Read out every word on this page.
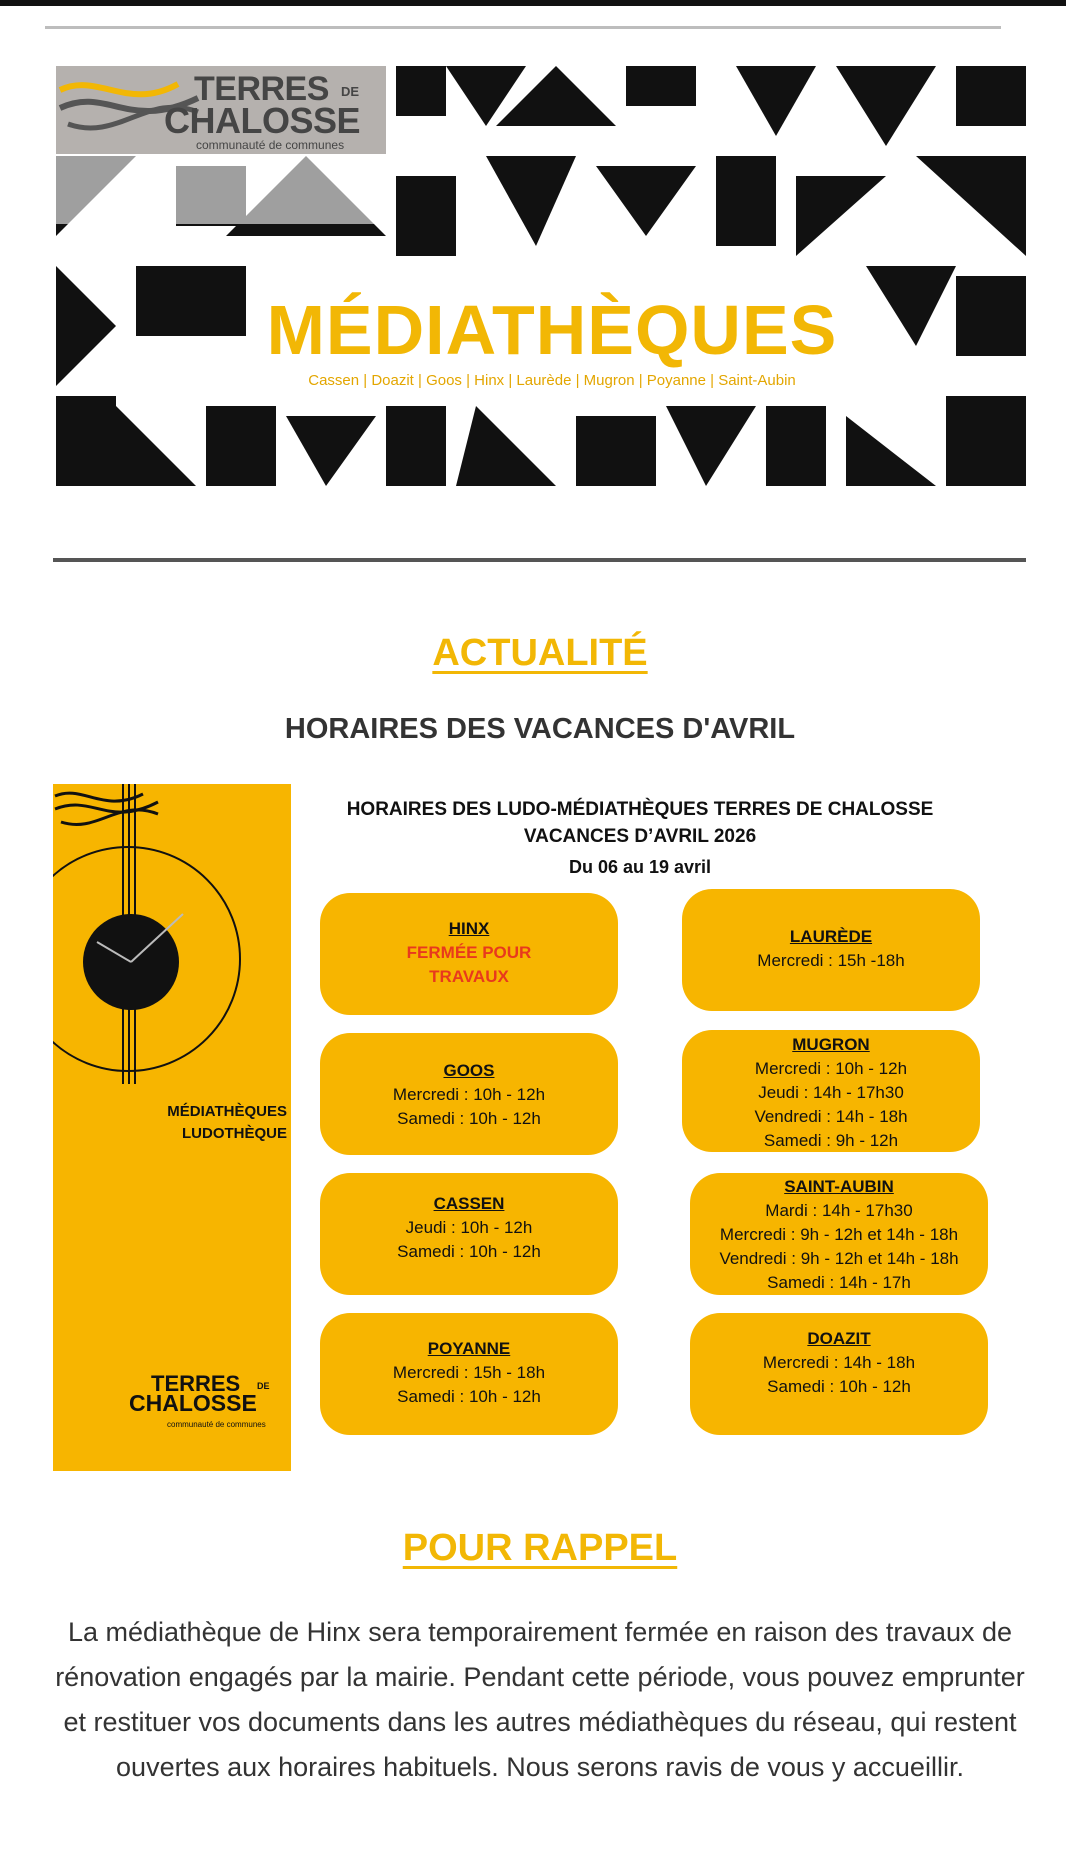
TERRES DE
CHALOSSE
communauté de communes
MÉDIATHÈQUES
Cassen | Doazit | Goos | Hinx | Laurède | Mugron | Poyanne | Saint-Aubin
ACTUALITÉ
HORAIRES DES VACANCES D'AVRIL
MÉDIATHÈQUES
LUDOTHÈQUE
TERRES DE
CHALOSSE
communauté de communes
HORAIRES DES LUDO-MÉDIATHÈQUES TERRES DE CHALOSSE
VACANCES D’AVRIL 2026
Du 06 au 19 avril
HINX
FERMÉE POUR TRAVAUX
LAURÈDE
Mercredi : 15h -18h
GOOS
Mercredi : 10h - 12h
Samedi : 10h - 12h
MUGRON
Mercredi : 10h - 12h
Jeudi : 14h - 17h30
Vendredi : 14h - 18h
Samedi : 9h - 12h
CASSEN
Jeudi : 10h - 12h
Samedi : 10h - 12h
SAINT-AUBIN
Mardi : 14h - 17h30
Mercredi : 9h - 12h et 14h - 18h
Vendredi : 9h - 12h et 14h - 18h
Samedi : 14h - 17h
POYANNE
Mercredi : 15h - 18h
Samedi : 10h - 12h
DOAZIT
Mercredi : 14h - 18h
Samedi : 10h - 12h
POUR RAPPEL
La médiathèque de Hinx sera temporairement fermée en raison des travaux de rénovation engagés par la mairie. Pendant cette période, vous pouvez emprunter et restituer vos documents dans les autres médiathèques du réseau, qui restent ouvertes aux horaires habituels. Nous serons ravis de vous y accueillir.
